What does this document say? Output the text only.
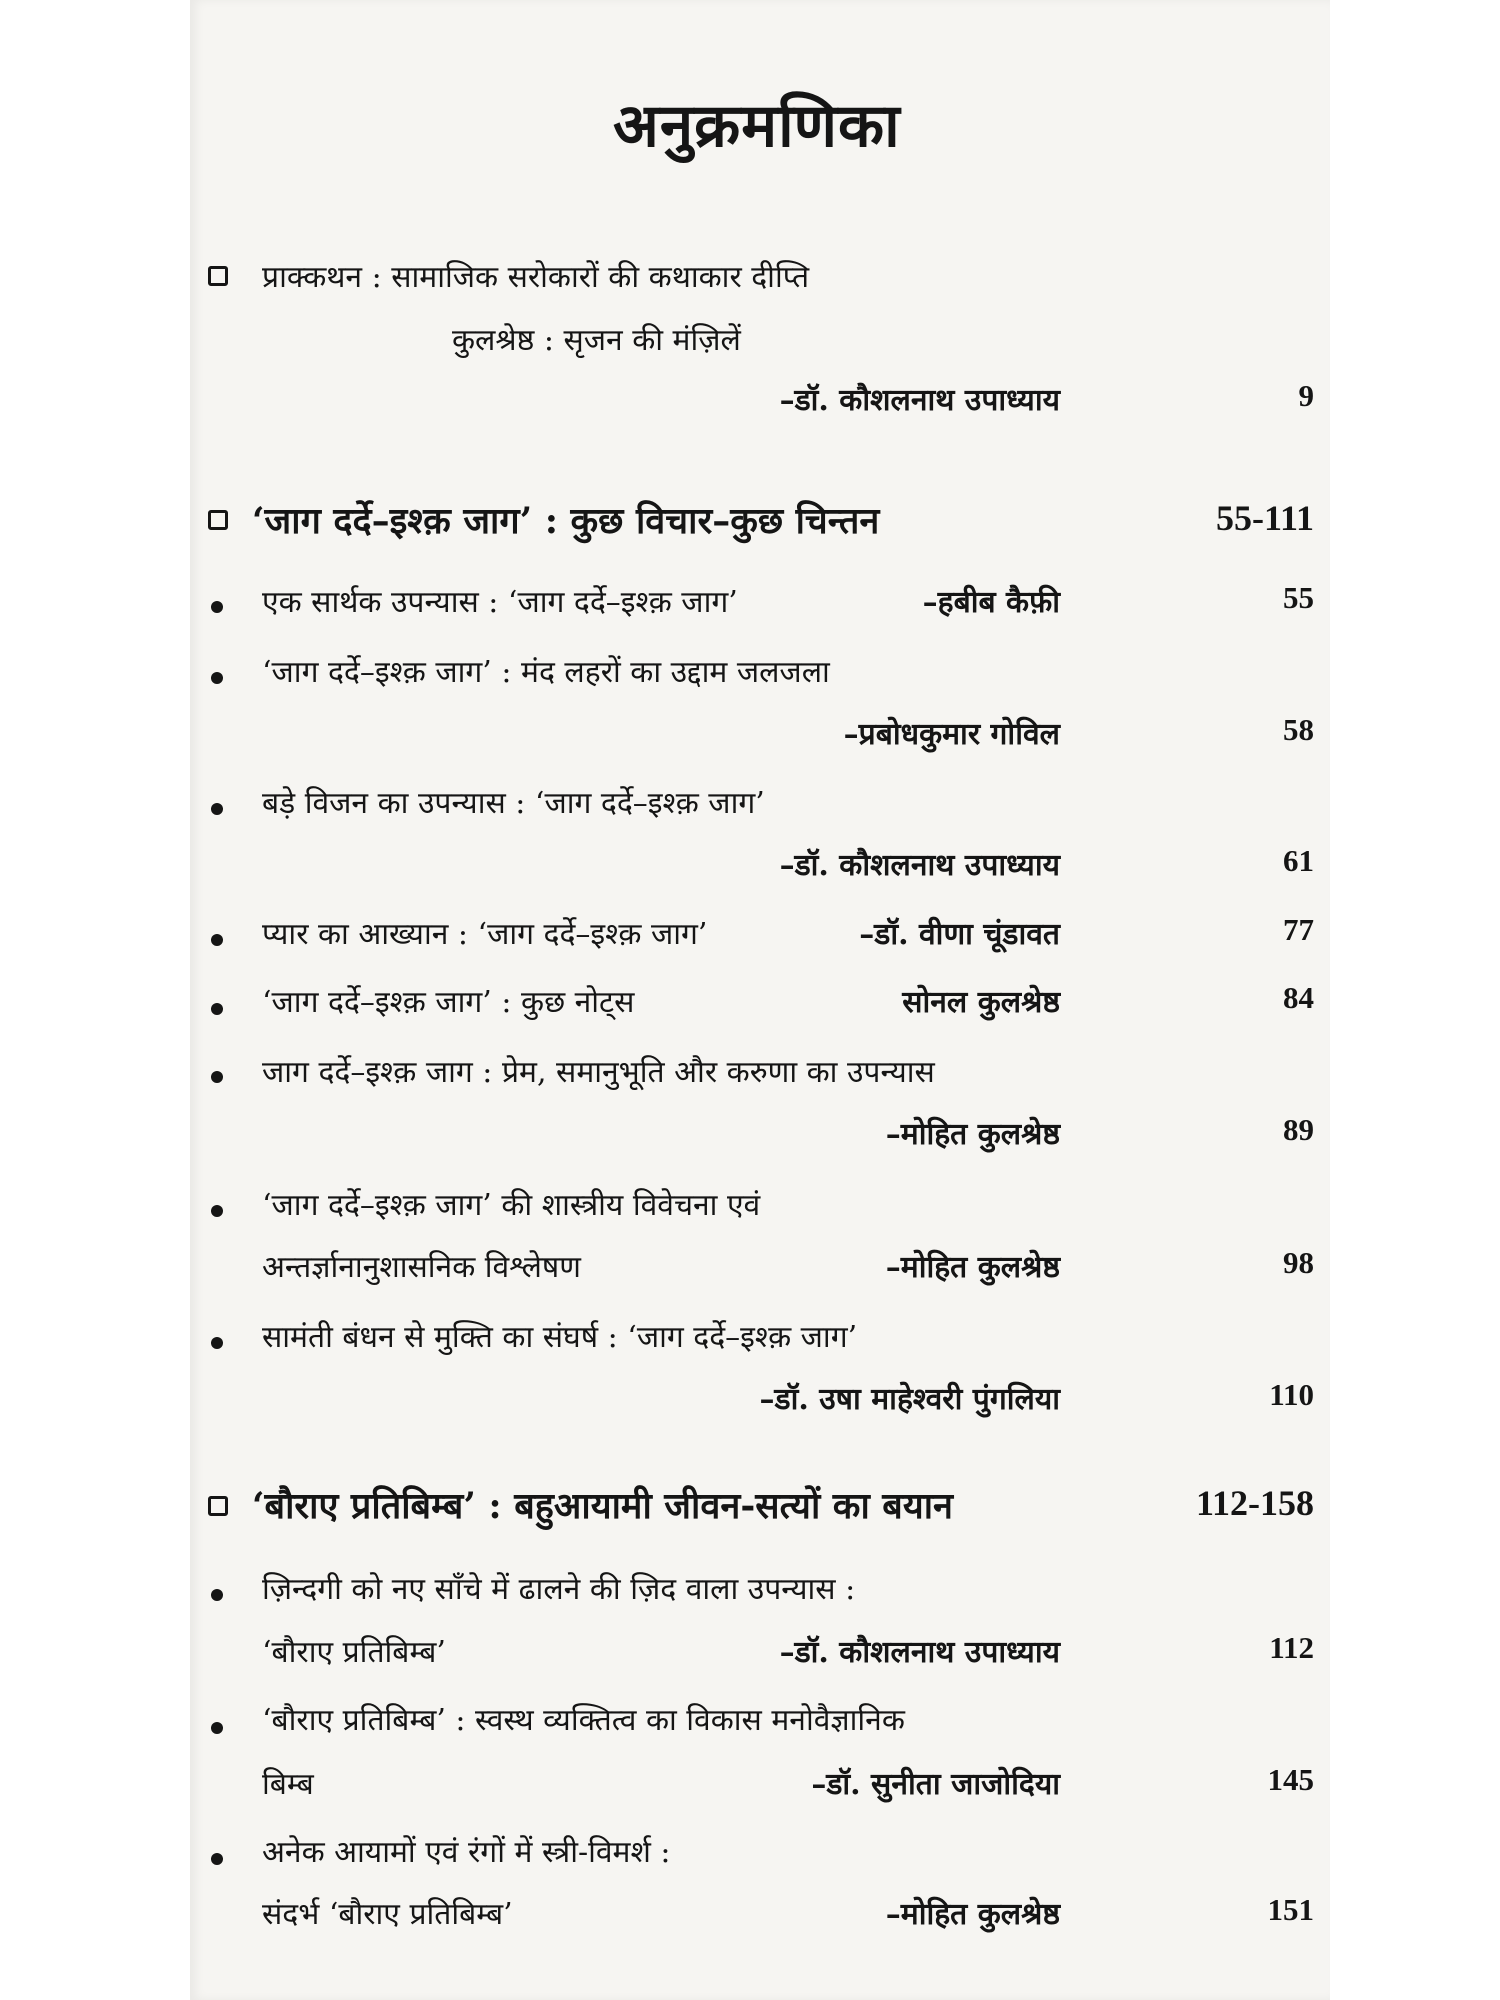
अनुक्रमणिका
प्राक्कथन : सामाजिक सरोकारों की कथाकार दीप्ति
कुलश्रेष्ठ : सृजन की मंज़िलें
–डॉ. कौशलनाथ उपाध्याय	9
‘जाग दर्दे–इश्क़ जाग’ : कुछ विचार–कुछ चिन्तन	55-111
एक सार्थक उपन्यास : ‘जाग दर्दे–इश्क़ जाग’	–हबीब कैफ़ी	55
‘जाग दर्दे–इश्क़ जाग’ : मंद लहरों का उद्दाम जलजला
–प्रबोधकुमार गोविल	58
बड़े विजन का उपन्यास : ‘जाग दर्दे–इश्क़ जाग’
–डॉ. कौशलनाथ उपाध्याय	61
प्यार का आख्यान : ‘जाग दर्दे–इश्क़ जाग’	–डॉ. वीणा चूंडावत	77
‘जाग दर्दे–इश्क़ जाग’ : कुछ नोट्स	सोनल कुलश्रेष्ठ	84
जाग दर्दे–इश्क़ जाग : प्रेम, समानुभूति और करुणा का उपन्यास
–मोहित कुलश्रेष्ठ	89
‘जाग दर्दे–इश्क़ जाग’ की शास्त्रीय विवेचना एवं
अन्तर्ज्ञानानुशासनिक विश्लेषण	–मोहित कुलश्रेष्ठ	98
सामंती बंधन से मुक्ति का संघर्ष : ‘जाग दर्दे–इश्क़ जाग’
–डॉ. उषा माहेश्वरी पुंगलिया	110
‘बौराए प्रतिबिम्ब’ : बहुआयामी जीवन-सत्यों का बयान	112-158
ज़िन्दगी को नए साँचे में ढालने की ज़िद वाला उपन्यास :
‘बौराए प्रतिबिम्ब’	–डॉ. कौशलनाथ उपाध्याय	112
‘बौराए प्रतिबिम्ब’ : स्वस्थ व्यक्तित्व का विकास मनोवैज्ञानिक
बिम्ब	–डॉ. सुनीता जाजोदिया	145
अनेक आयामों एवं रंगों में स्त्री-विमर्श :
संदर्भ ‘बौराए प्रतिबिम्ब’	–मोहित कुलश्रेष्ठ	151
